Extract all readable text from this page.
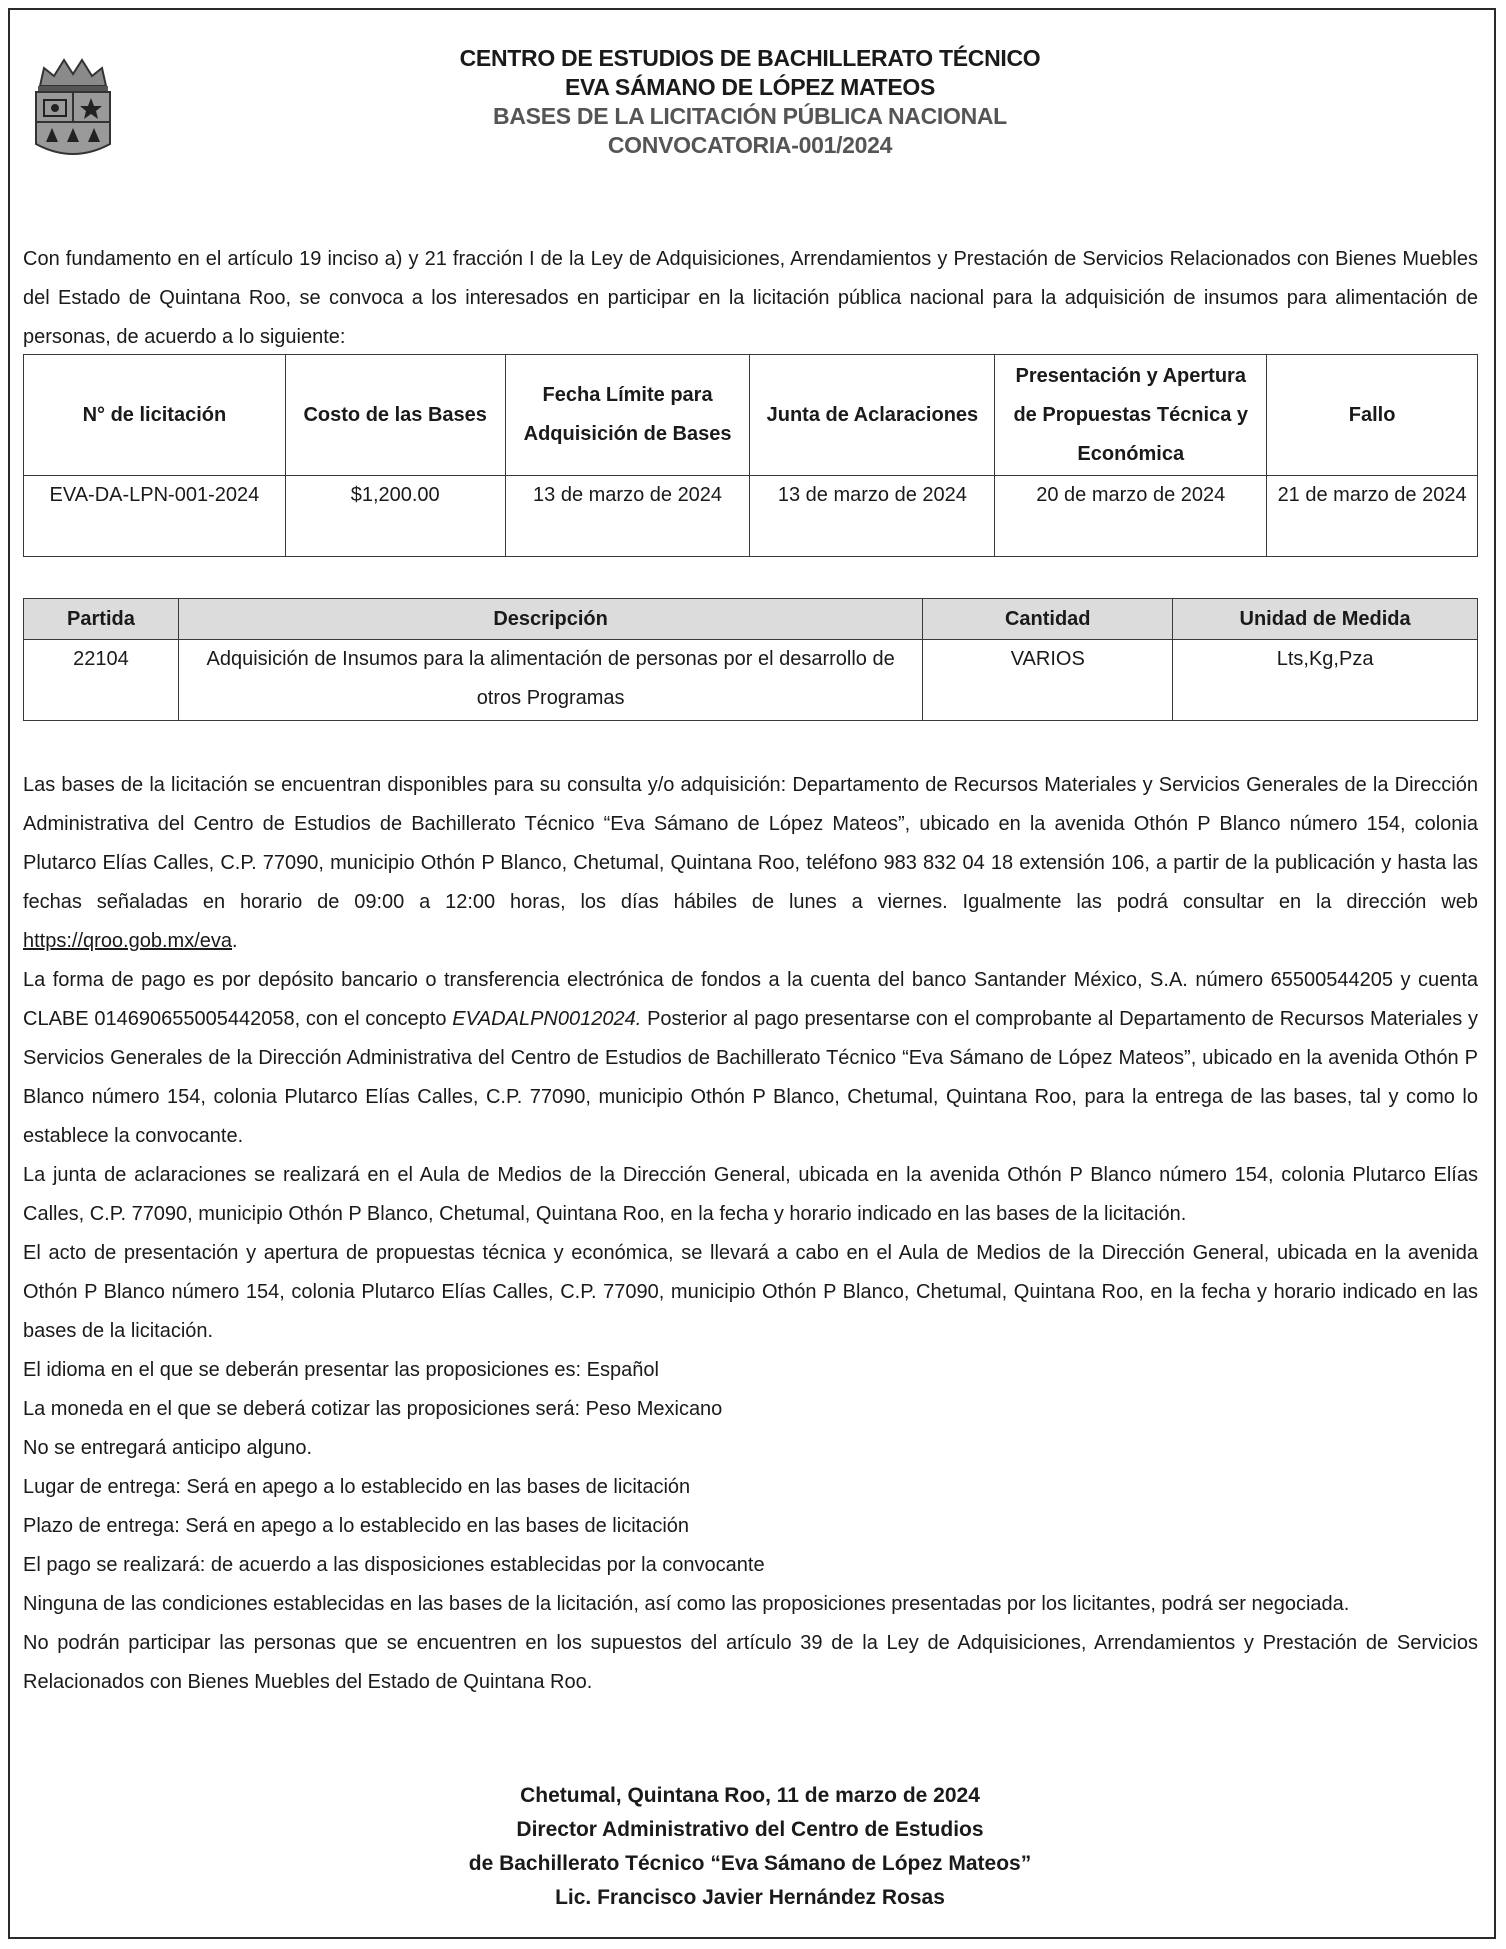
CENTRO DE ESTUDIOS DE BACHILLERATO TÉCNICO
EVA SÁMANO DE LÓPEZ MATEOS
BASES DE LA LICITACIÓN PÚBLICA NACIONAL
CONVOCATORIA-001/2024
Con fundamento en el artículo 19 inciso a) y 21 fracción I de la Ley de Adquisiciones, Arrendamientos y Prestación de Servicios Relacionados con Bienes Muebles del Estado de Quintana Roo, se convoca a los interesados en participar en la licitación pública nacional para la adquisición de insumos para alimentación de personas, de acuerdo a lo siguiente:
N° de licitación	Costo de las Bases	Fecha Límite para Adquisición de Bases	Junta de Aclaraciones	Presentación y Apertura de Propuestas Técnica y Económica	Fallo
EVA-DA-LPN-001-2024	$1,200.00	13 de marzo de 2024	13 de marzo de 2024	20 de marzo de 2024	21 de marzo de 2024
Partida	Descripción	Cantidad	Unidad de Medida
22104	Adquisición de Insumos para la alimentación de personas por el desarrollo de otros Programas	VARIOS	Lts,Kg,Pza

Las bases de la licitación se encuentran disponibles para su consulta y/o adquisición: Departamento de Recursos Materiales y Servicios Generales de la Dirección Administrativa del Centro de Estudios de Bachillerato Técnico “Eva Sámano de López Mateos”, ubicado en la avenida Othón P Blanco número 154, colonia Plutarco Elías Calles, C.P. 77090, municipio Othón P Blanco, Chetumal, Quintana Roo, teléfono 983 832 04 18 extensión 106, a partir de la publicación y hasta las fechas señaladas en horario de 09:00 a 12:00 horas, los días hábiles de lunes a viernes. Igualmente las podrá consultar en la dirección web https://qroo.gob.mx/eva.

La forma de pago es por depósito bancario o transferencia electrónica de fondos a la cuenta del banco Santander México, S.A. número 65500544205 y cuenta CLABE 014690655005442058, con el concepto EVADALPN0012024. Posterior al pago presentarse con el comprobante al Departamento de Recursos Materiales y Servicios Generales de la Dirección Administrativa del Centro de Estudios de Bachillerato Técnico “Eva Sámano de López Mateos”, ubicado en la avenida Othón P Blanco número 154, colonia Plutarco Elías Calles, C.P. 77090, municipio Othón P Blanco, Chetumal, Quintana Roo, para la entrega de las bases, tal y como lo establece la convocante.

La junta de aclaraciones se realizará en el Aula de Medios de la Dirección General, ubicada en la avenida Othón P Blanco número 154, colonia Plutarco Elías Calles, C.P. 77090, municipio Othón P Blanco, Chetumal, Quintana Roo, en la fecha y horario indicado en las bases de la licitación.

El acto de presentación y apertura de propuestas técnica y económica, se llevará a cabo en el Aula de Medios de la Dirección General, ubicada en la avenida Othón P Blanco número 154, colonia Plutarco Elías Calles, C.P. 77090, municipio Othón P Blanco, Chetumal, Quintana Roo, en la fecha y horario indicado en las bases de la licitación.

El idioma en el que se deberán presentar las proposiciones es: Español

La moneda en el que se deberá cotizar las proposiciones será: Peso Mexicano

No se entregará anticipo alguno.

Lugar de entrega: Será en apego a lo establecido en las bases de licitación

Plazo de entrega: Será en apego a lo establecido en las bases de licitación

El pago se realizará: de acuerdo a las disposiciones establecidas por la convocante

Ninguna de las condiciones establecidas en las bases de la licitación, así como las proposiciones presentadas por los licitantes, podrá ser negociada.

No podrán participar las personas que se encuentren en los supuestos del artículo 39 de la Ley de Adquisiciones, Arrendamientos y Prestación de Servicios Relacionados con Bienes Muebles del Estado de Quintana Roo.

Chetumal, Quintana Roo, 11 de marzo de 2024
Director Administrativo del Centro de Estudios
de Bachillerato Técnico “Eva Sámano de López Mateos”
Lic. Francisco Javier Hernández Rosas
